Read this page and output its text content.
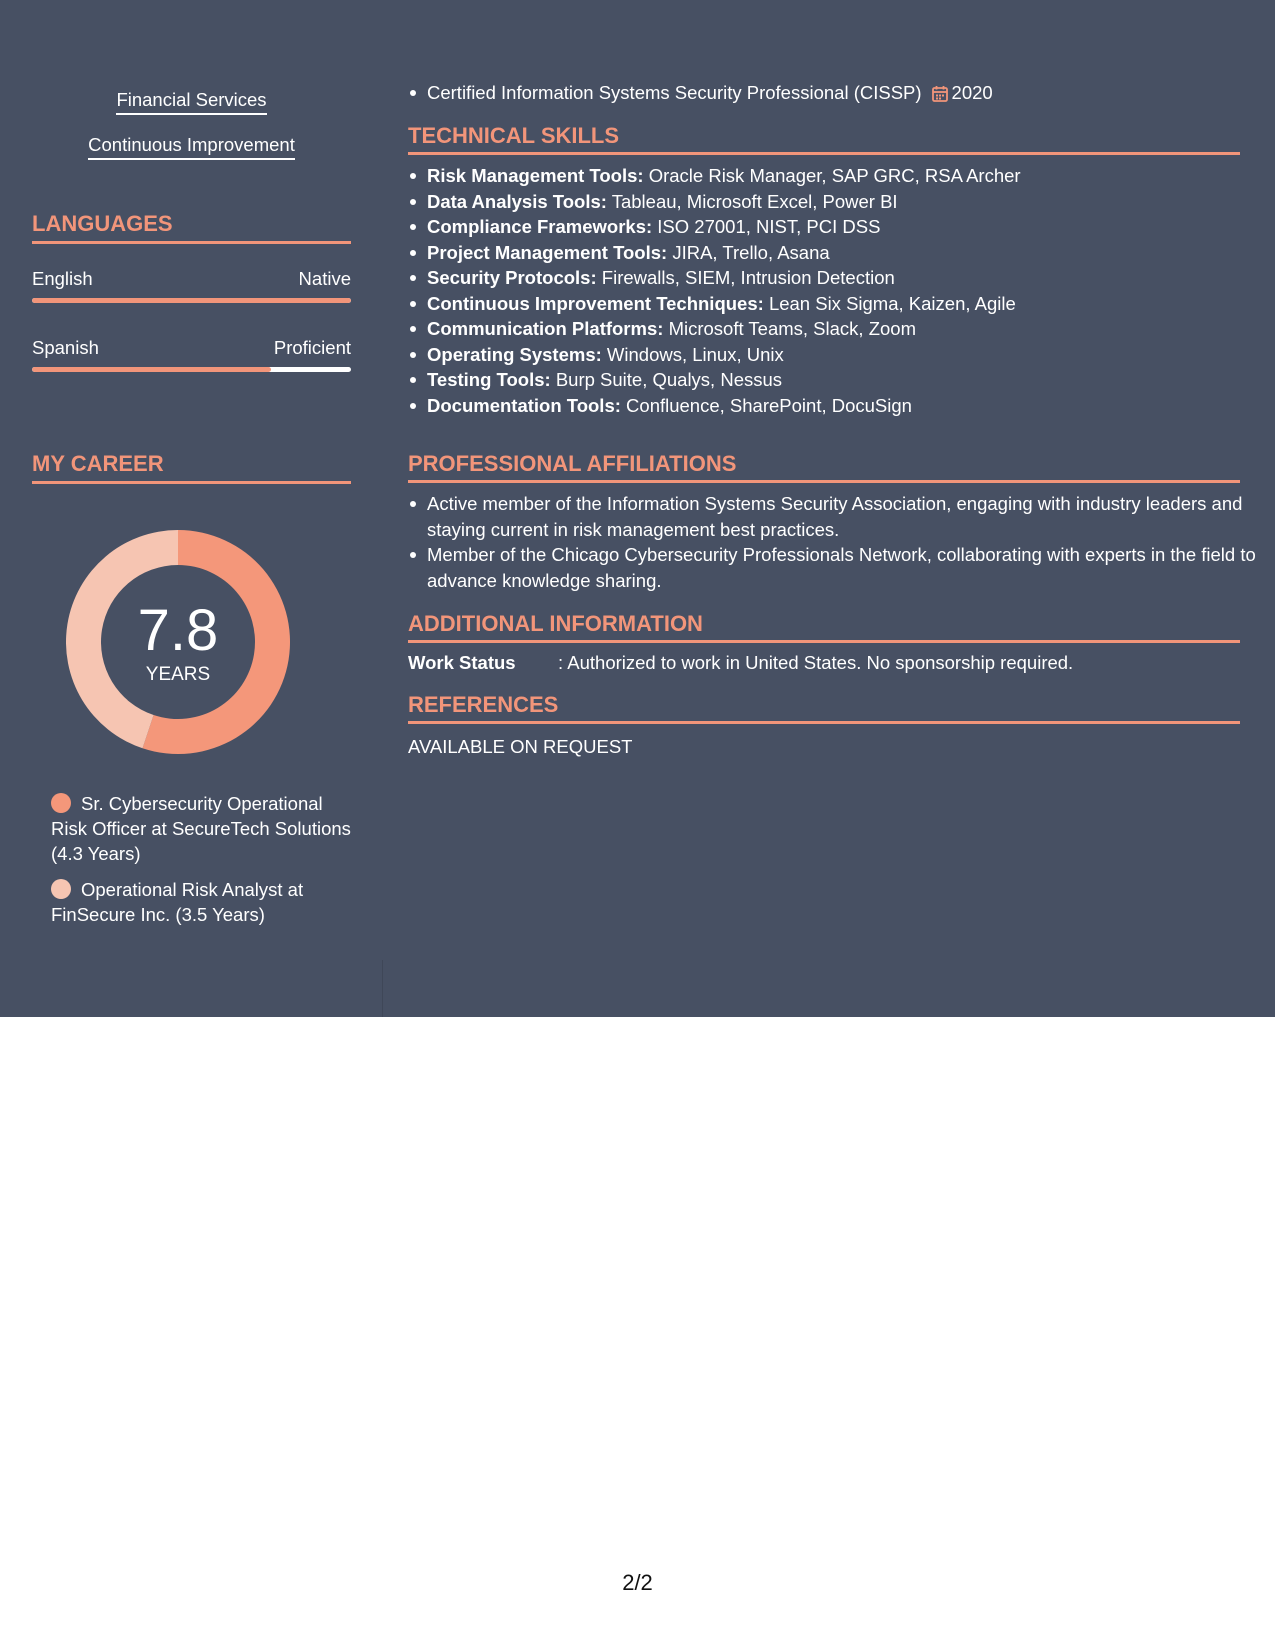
Financial Services
Continuous Improvement
LANGUAGES
English	Native
Spanish	Proficient
MY CAREER
7.8
YEARS
Sr. Cybersecurity Operational Risk Officer at SecureTech Solutions (4.3 Years)
Operational Risk Analyst at FinSecure Inc. (3.5 Years)
Certified Information Systems Security Professional (CISSP) 2020
TECHNICAL SKILLS
Risk Management Tools: Oracle Risk Manager, SAP GRC, RSA Archer
Data Analysis Tools: Tableau, Microsoft Excel, Power BI
Compliance Frameworks: ISO 27001, NIST, PCI DSS
Project Management Tools: JIRA, Trello, Asana
Security Protocols: Firewalls, SIEM, Intrusion Detection
Continuous Improvement Techniques: Lean Six Sigma, Kaizen, Agile
Communication Platforms: Microsoft Teams, Slack, Zoom
Operating Systems: Windows, Linux, Unix
Testing Tools: Burp Suite, Qualys, Nessus
Documentation Tools: Confluence, SharePoint, DocuSign
PROFESSIONAL AFFILIATIONS
Active member of the Information Systems Security Association, engaging with industry leaders and staying current in risk management best practices.
Member of the Chicago Cybersecurity Professionals Network, collaborating with experts in the field to advance knowledge sharing.
ADDITIONAL INFORMATION
Work Status : Authorized to work in United States. No sponsorship required.
REFERENCES
AVAILABLE ON REQUEST
2/2
